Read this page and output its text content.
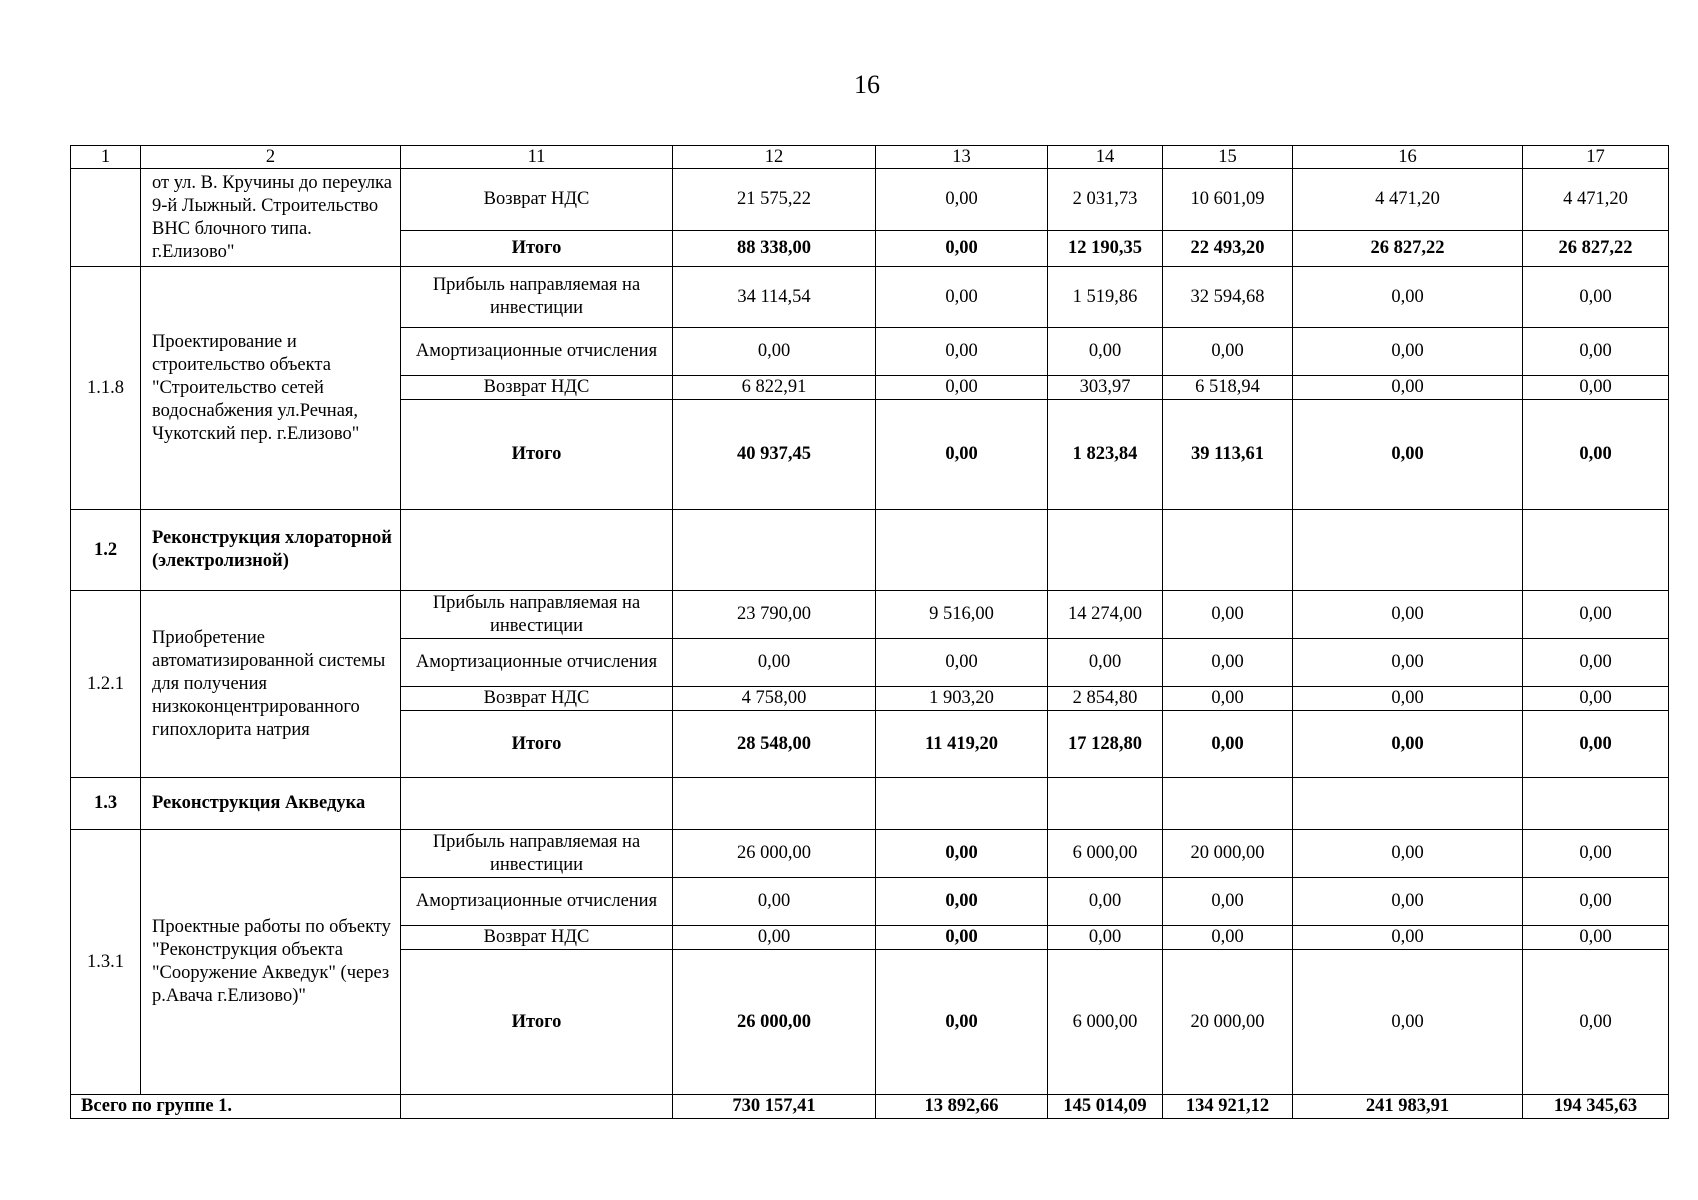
16
1	2	11	12	13	14	15	16	17
	от ул. В. Кручины до переулка 9-й Лыжный. Строительство ВНС блочного типа. г.Елизово"	Возврат НДС	21 575,22	0,00	2 031,73	10 601,09	4 471,20	4 471,20
		Итого	88 338,00	0,00	12 190,35	22 493,20	26 827,22	26 827,22
1.1.8	Проектирование и строительство объекта "Строительство сетей водоснабжения ул.Речная, Чукотский пер. г.Елизово"	Прибыль направляемая на инвестиции	34 114,54	0,00	1 519,86	32 594,68	0,00	0,00
		Амортизационные отчисления	0,00	0,00	0,00	0,00	0,00	0,00
		Возврат НДС	6 822,91	0,00	303,97	6 518,94	0,00	0,00
		Итого	40 937,45	0,00	1 823,84	39 113,61	0,00	0,00
1.2	Реконструкция хлораторной (электролизной)							
1.2.1	Приобретение автоматизированной системы для получения низкоконцентрированного гипохлорита натрия	Прибыль направляемая на инвестиции	23 790,00	9 516,00	14 274,00	0,00	0,00	0,00
		Амортизационные отчисления	0,00	0,00	0,00	0,00	0,00	0,00
		Возврат НДС	4 758,00	1 903,20	2 854,80	0,00	0,00	0,00
		Итого	28 548,00	11 419,20	17 128,80	0,00	0,00	0,00
1.3	Реконструкция Акведука							
1.3.1	Проектные работы по объекту "Реконструкция объекта "Сооружение Акведук" (через р.Авача г.Елизово)"	Прибыль направляемая на инвестиции	26 000,00	0,00	6 000,00	20 000,00	0,00	0,00
		Амортизационные отчисления	0,00	0,00	0,00	0,00	0,00	0,00
		Возврат НДС	0,00	0,00	0,00	0,00	0,00	0,00
		Итого	26 000,00	0,00	6 000,00	20 000,00	0,00	0,00
Всего по группе 1.			730 157,41	13 892,66	145 014,09	134 921,12	241 983,91	194 345,63
